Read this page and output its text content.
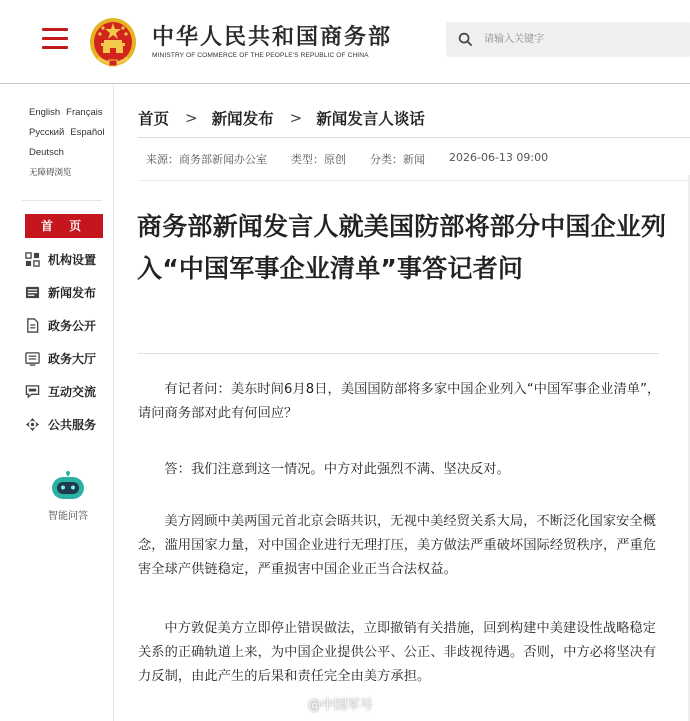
中华人民共和国商务部
MINISTRY OF COMMERCE OF THE PEOPLE'S REPUBLIC OF CHINA
请输入关键字
English Français
Русский Español
Deutsch
无障碍浏览
首 页
机构设置
新闻发布
政务公开
政务大厅
互动交流
公共服务
智能问答
首页 > 新闻发布 > 新闻发言人谈话
来源：商务部新闻办公室 类型：原创 分类：新闻 2026-06-13 09:00
商务部新闻发言人就美国防部将部分中国企业列入“中国军事企业清单”事答记者问

有记者问：美东时间6月8日，美国国防部将多家中国企业列入“中国军事企业清单”，请问商务部对此有何回应？

答：我们注意到这一情况。中方对此强烈不满、坚决反对。

美方罔顾中美两国元首北京会晤共识，无视中美经贸关系大局，不断泛化国家安全概念，滥用国家力量，对中国企业进行无理打压，美方做法严重破坏国际经贸秩序，严重危害全球产供链稳定，严重损害中国企业正当合法权益。

中方敦促美方立即停止错误做法，立即撤销有关措施，回到构建中美建设性战略稳定关系的正确轨道上来，为中国企业提供公平、公正、非歧视待遇。否则，中方必将坚决有力反制，由此产生的后果和责任完全由美方承担。

@中国军号
